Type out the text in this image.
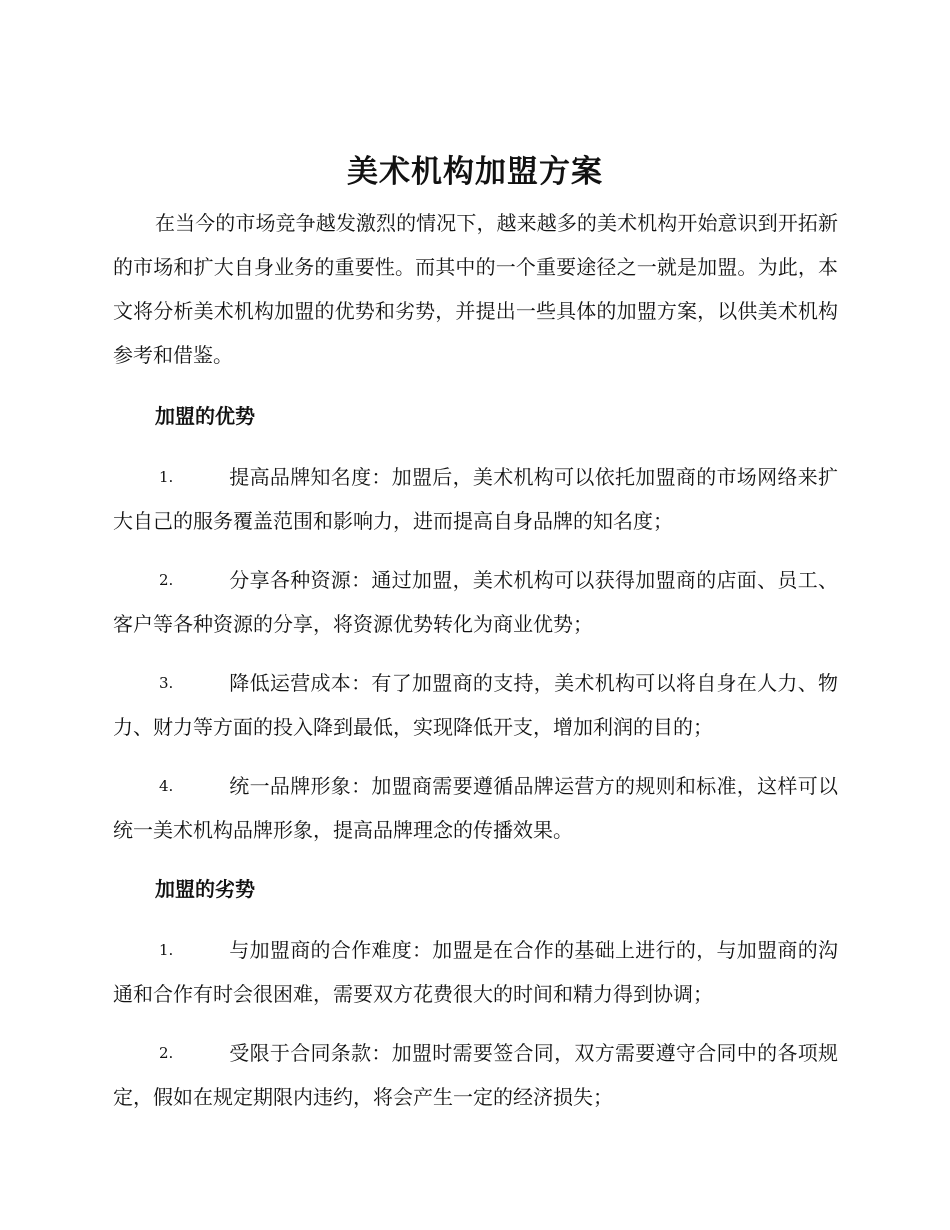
美术机构加盟方案

在当今的市场竞争越发激烈的情况下，越来越多的美术机构开始意识到开拓新的市场和扩大自身业务的重要性。而其中的一个重要途径之一就是加盟。为此，本文将分析美术机构加盟的优势和劣势，并提出一些具体的加盟方案，以供美术机构参考和借鉴。

加盟的优势

1.	提高品牌知名度：加盟后，美术机构可以依托加盟商的市场网络来扩大自己的服务覆盖范围和影响力，进而提高自身品牌的知名度；

2.	分享各种资源：通过加盟，美术机构可以获得加盟商的店面、员工、客户等各种资源的分享，将资源优势转化为商业优势；

3.	降低运营成本：有了加盟商的支持，美术机构可以将自身在人力、物力、财力等方面的投入降到最低，实现降低开支，增加利润的目的；

4.	统一品牌形象：加盟商需要遵循品牌运营方的规则和标准，这样可以统一美术机构品牌形象，提高品牌理念的传播效果。

加盟的劣势

1.	与加盟商的合作难度：加盟是在合作的基础上进行的，与加盟商的沟通和合作有时会很困难，需要双方花费很大的时间和精力得到协调；

2.	受限于合同条款：加盟时需要签合同，双方需要遵守合同中的各项规定，假如在规定期限内违约，将会产生一定的经济损失；
